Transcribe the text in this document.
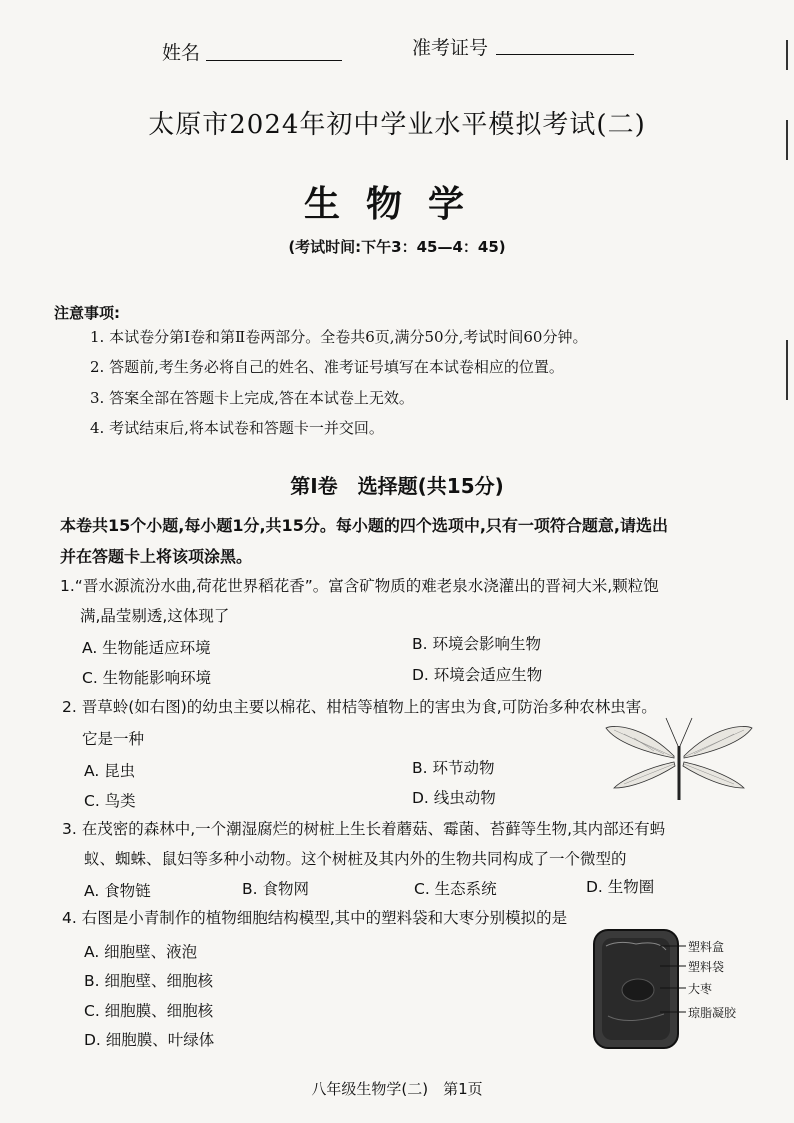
姓名	准考证号
太原市2024年初中学业水平模拟考试(二)
生物学
(考试时间:下午3：45—4：45)
注意事项:
1. 本试卷分第Ⅰ卷和第Ⅱ卷两部分。全卷共6页,满分50分,考试时间60分钟。
2. 答题前,考生务必将自己的姓名、准考证号填写在本试卷相应的位置。
3. 答案全部在答题卡上完成,答在本试卷上无效。
4. 考试结束后,将本试卷和答题卡一并交回。
第Ⅰ卷　选择题(共15分)
本卷共15个小题,每小题1分,共15分。每小题的四个选项中,只有一项符合题意,请选出
并在答题卡上将该项涂黑。
1.“晋水源流汾水曲,荷花世界稻花香”。富含矿物质的难老泉水浇灌出的晋祠大米,颗粒饱
满,晶莹剔透,这体现了
A. 生物能适应环境	B. 环境会影响生物
C. 生物能影响环境	D. 环境会适应生物
2. 晋草蛉(如右图)的幼虫主要以棉花、柑桔等植物上的害虫为食,可防治多种农林虫害。
它是一种
A. 昆虫	B. 环节动物
C. 鸟类	D. 线虫动物
3. 在茂密的森林中,一个潮湿腐烂的树桩上生长着蘑菇、霉菌、苔藓等生物,其内部还有蚂
蚁、蜘蛛、鼠妇等多种小动物。这个树桩及其内外的生物共同构成了一个微型的
A. 食物链	B. 食物网	C. 生态系统	D. 生物圈
4. 右图是小青制作的植物细胞结构模型,其中的塑料袋和大枣分别模拟的是
A. 细胞壁、液泡
B. 细胞壁、细胞核
C. 细胞膜、细胞核
D. 细胞膜、叶绿体
塑料盒
塑料袋
大枣
琼脂凝胶
八年级生物学(二)　第1页
